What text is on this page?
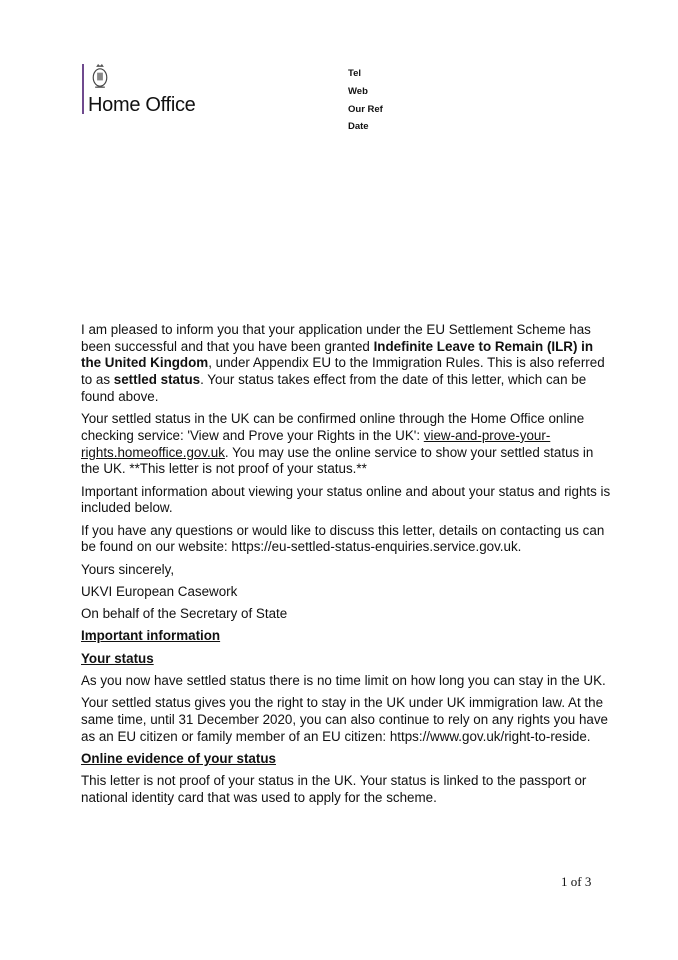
Home Office
Tel
Web
Our Ref
Date

I am pleased to inform you that your application under the EU Settlement Scheme has been successful and that you have been granted Indefinite Leave to Remain (ILR) in the United Kingdom, under Appendix EU to the Immigration Rules. This is also referred to as settled status. Your status takes effect from the date of this letter, which can be found above.

Your settled status in the UK can be confirmed online through the Home Office online checking service: 'View and Prove your Rights in the UK': view-and-prove-your-rights.homeoffice.gov.uk. You may use the online service to show your settled status in the UK. **This letter is not proof of your status.**

Important information about viewing your status online and about your status and rights is included below.

If you have any questions or would like to discuss this letter, details on contacting us can be found on our website: https://eu-settled-status-enquiries.service.gov.uk.

Yours sincerely,

UKVI European Casework

On behalf of the Secretary of State

Important information

Your status

As you now have settled status there is no time limit on how long you can stay in the UK.

Your settled status gives you the right to stay in the UK under UK immigration law. At the same time, until 31 December 2020, you can also continue to rely on any rights you have as an EU citizen or family member of an EU citizen: https://www.gov.uk/right-to-reside.

Online evidence of your status

This letter is not proof of your status in the UK. Your status is linked to the passport or national identity card that was used to apply for the scheme.

1 of 3
